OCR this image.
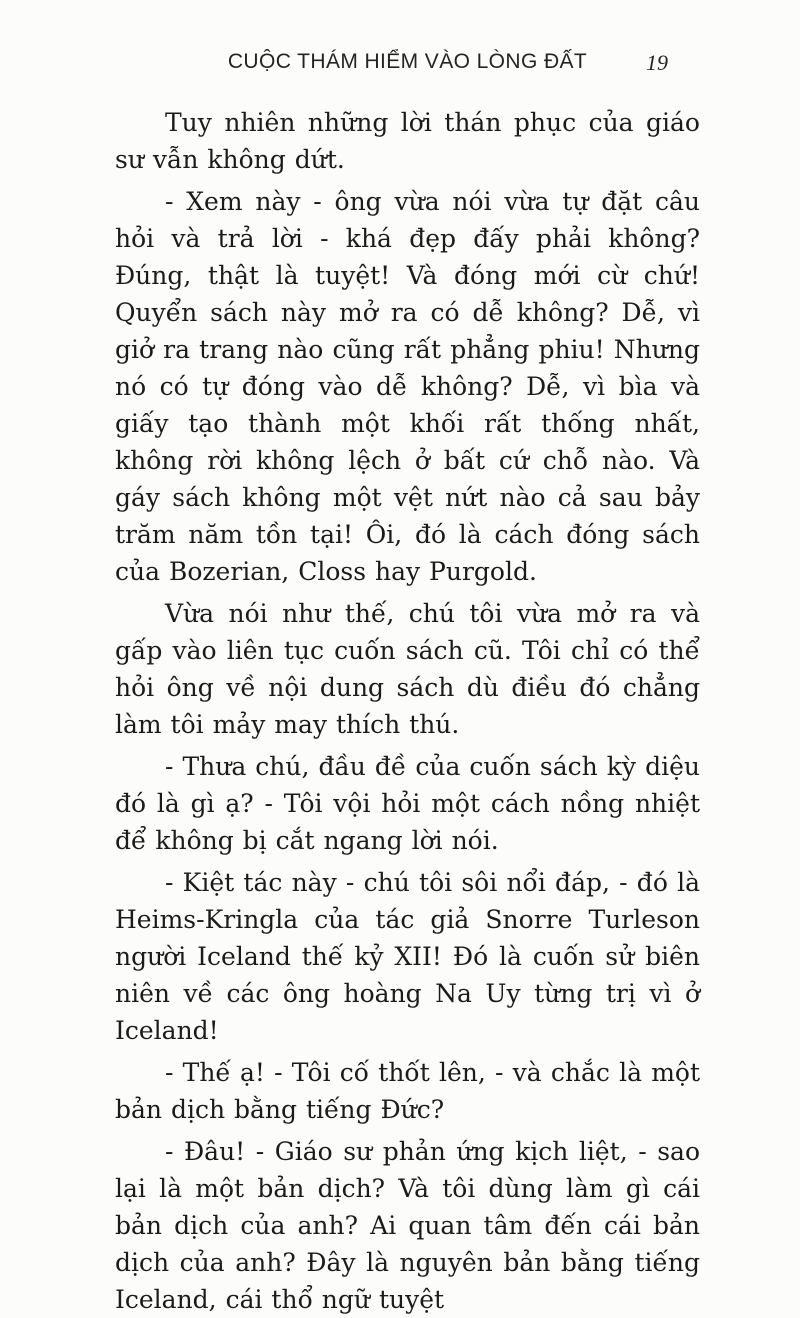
CUỘC THÁM HIỂM VÀO LÒNG ĐẤT	19

Tuy nhiên những lời thán phục của giáo sư vẫn không dứt.

- Xem này - ông vừa nói vừa tự đặt câu hỏi và trả lời - khá đẹp đấy phải không? Đúng, thật là tuyệt! Và đóng mới cừ chứ! Quyển sách này mở ra có dễ không? Dễ, vì giở ra trang nào cũng rất phẳng phiu! Nhưng nó có tự đóng vào dễ không? Dễ, vì bìa và giấy tạo thành một khối rất thống nhất, không rời không lệch ở bất cứ chỗ nào. Và gáy sách không một vệt nứt nào cả sau bảy trăm năm tồn tại! Ôi, đó là cách đóng sách của Bozerian, Closs hay Purgold.

Vừa nói như thế, chú tôi vừa mở ra và gấp vào liên tục cuốn sách cũ. Tôi chỉ có thể hỏi ông về nội dung sách dù điều đó chẳng làm tôi mảy may thích thú.

- Thưa chú, đầu đề của cuốn sách kỳ diệu đó là gì ạ? - Tôi vội hỏi một cách nồng nhiệt để không bị cắt ngang lời nói.

- Kiệt tác này - chú tôi sôi nổi đáp, - đó là Heims-Kringla của tác giả Snorre Turleson người Iceland thế kỷ XII! Đó là cuốn sử biên niên về các ông hoàng Na Uy từng trị vì ở Iceland!

- Thế ạ! - Tôi cố thốt lên, - và chắc là một bản dịch bằng tiếng Đức?

- Đâu! - Giáo sư phản ứng kịch liệt, - sao lại là một bản dịch? Và tôi dùng làm gì cái bản dịch của anh? Ai quan tâm đến cái bản dịch của anh? Đây là nguyên bản bằng tiếng Iceland, cái thổ ngữ tuyệt
